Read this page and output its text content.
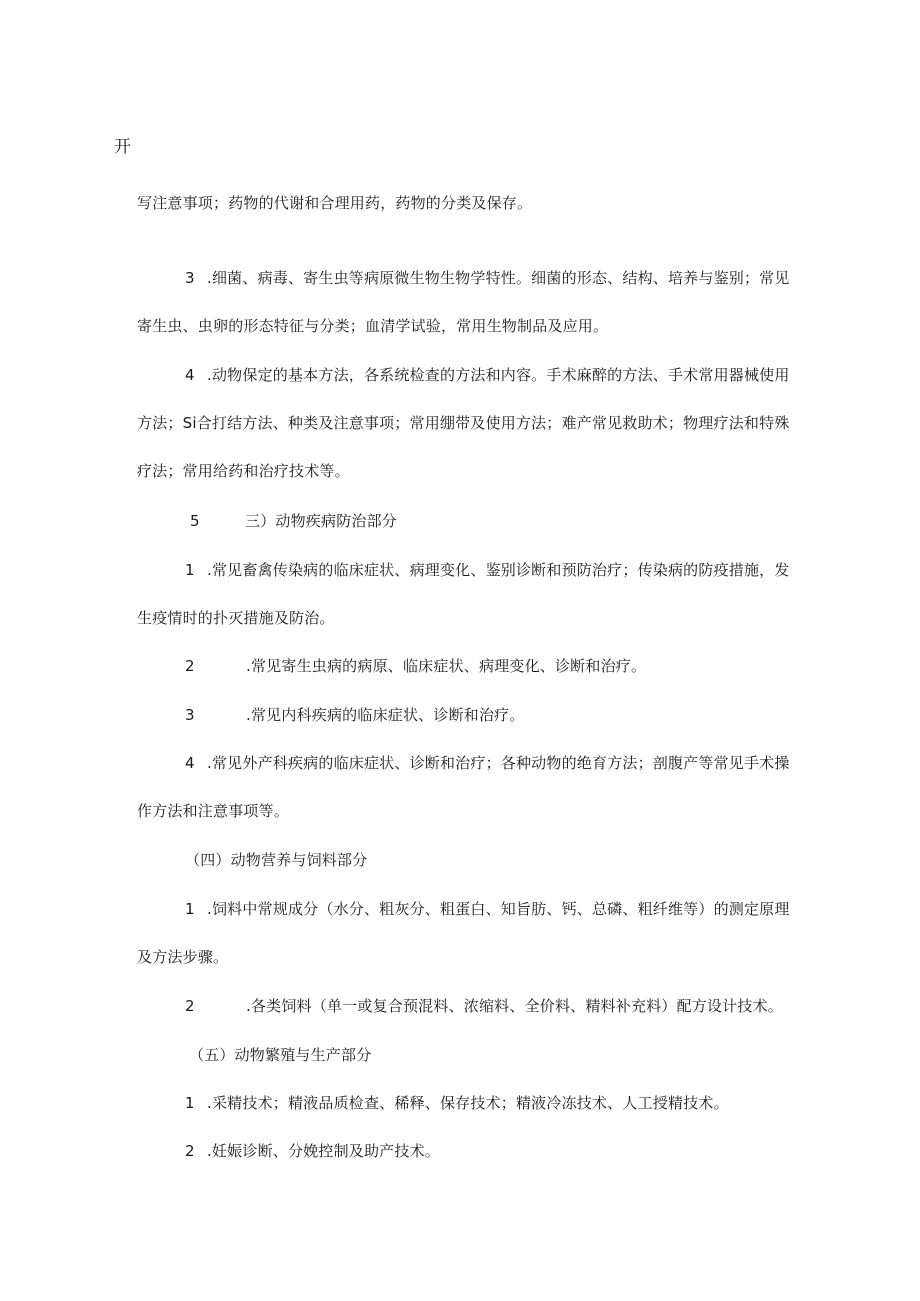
开
写注意事项；药物的代谢和合理用药，药物的分类及保存。
3 .细菌、病毒、寄生虫等病原微生物生物学特性。细菌的形态、结构、培养与鉴别；常见
寄生虫、虫卵的形态特征与分类；血清学试验，常用生物制品及应用。
4 .动物保定的基本方法，各系统检查的方法和内容。手术麻醉的方法、手术常用器械使用
方法；Si合打结方法、种类及注意事项；常用绷带及使用方法；难产常见救助术；物理疗法和特殊
疗法；常用给药和治疗技术等。
5	三）动物疾病防治部分
1 .常见畜禽传染病的临床症状、病理变化、鉴别诊断和预防治疗；传染病的防疫措施，发
生疫情时的扑灭措施及防治。
2	.常见寄生虫病的病原、临床症状、病理变化、诊断和治疗。
3	.常见内科疾病的临床症状、诊断和治疗。
4 .常见外产科疾病的临床症状、诊断和治疗；各种动物的绝育方法；剖腹产等常见手术操
作方法和注意事项等。
（四）动物营养与饲料部分
1 .饲料中常规成分（水分、粗灰分、粗蛋白、知旨肪、钙、总磷、粗纤维等）的测定原理
及方法步骤。
2	.各类饲料（单一或复合预混料、浓缩料、全价料、精料补充料）配方设计技术。
（五）动物繁殖与生产部分
1 .采精技术；精液品质检查、稀释、保存技术；精液冷冻技术、人工授精技术。
2 .妊娠诊断、分娩控制及助产技术。
